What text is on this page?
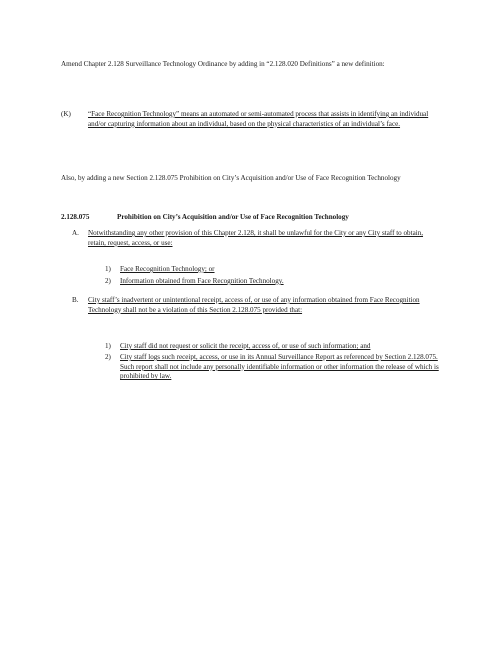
Amend Chapter 2.128 Surveillance Technology Ordinance by adding in “2.128.020 Definitions” a new definition:
(K) “Face Recognition Technology” means an automated or semi-automated process that assists in identifying an individual and/or capturing information about an individual, based on the physical characteristics of an individual’s face.
Also, by adding a new Section 2.128.075 Prohibition on City’s Acquisition and/or Use of Face Recognition Technology
2.128.075	Prohibition on City’s Acquisition and/or Use of Face Recognition Technology
A. Notwithstanding any other provision of this Chapter 2.128, it shall be unlawful for the City or any City staff to obtain, retain, request, access, or use:
1) Face Recognition Technology; or
2) Information obtained from Face Recognition Technology.
B. City staff’s inadvertent or unintentional receipt, access of, or use of any information obtained from Face Recognition Technology shall not be a violation of this Section 2.128.075 provided that:
1) City staff did not request or solicit the receipt, access of, or use of such information; and
2) City staff logs such receipt, access, or use in its Annual Surveillance Report as referenced by Section 2.128.075. Such report shall not include any personally identifiable information or other information the release of which is prohibited by law.
